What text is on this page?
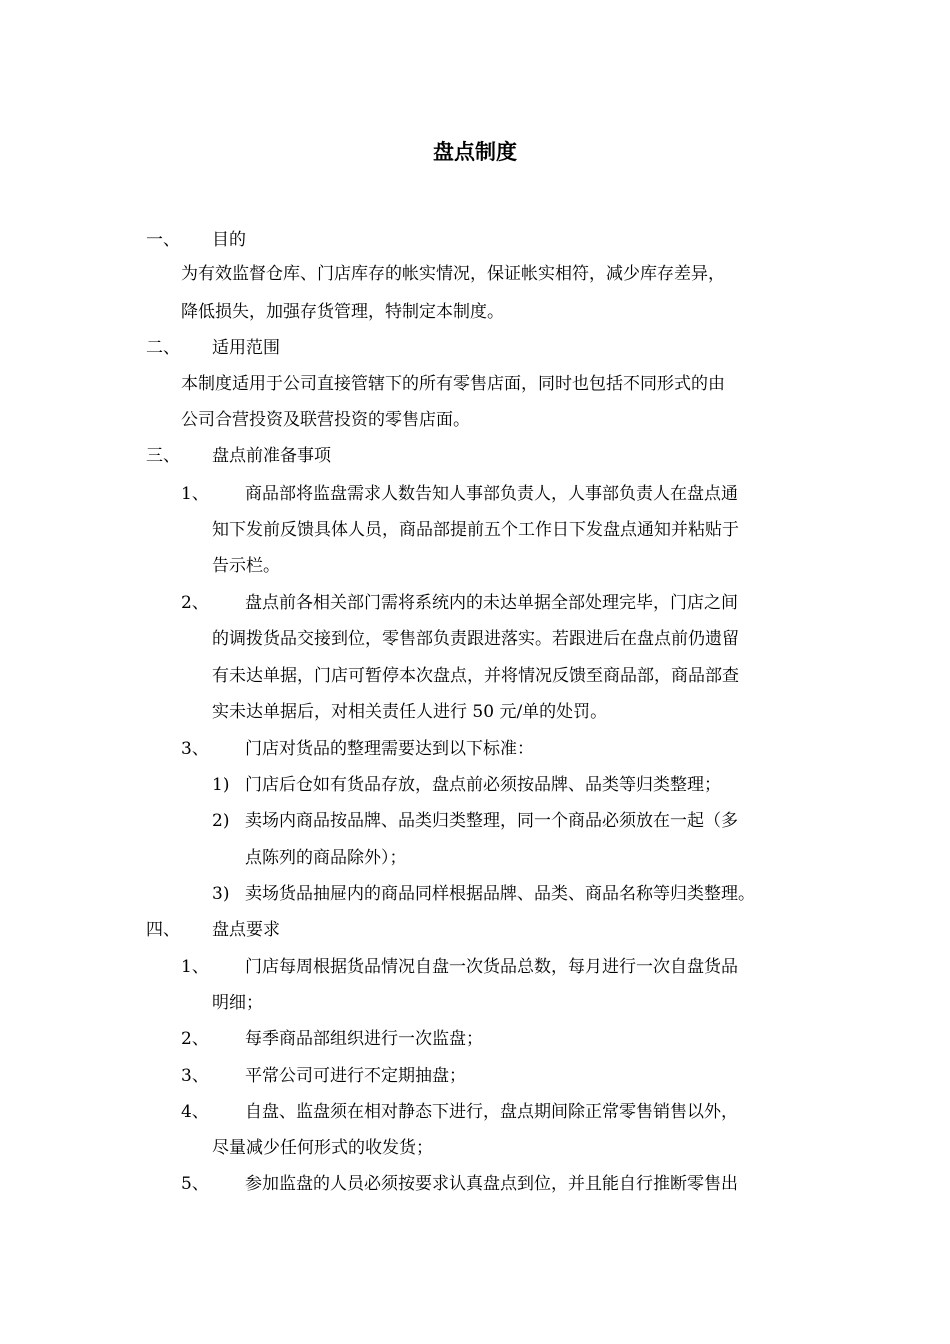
盘点制度
一、 目的
为有效监督仓库、门店库存的帐实情况，保证帐实相符，减少库存差异，
降低损失，加强存货管理，特制定本制度。
二、 适用范围
本制度适用于公司直接管辖下的所有零售店面，同时也包括不同形式的由
公司合营投资及联营投资的零售店面。
三、 盘点前准备事项
1、 商品部将监盘需求人数告知人事部负责人，人事部负责人在盘点通
知下发前反馈具体人员，商品部提前五个工作日下发盘点通知并粘贴于
告示栏。
2、 盘点前各相关部门需将系统内的未达单据全部处理完毕，门店之间
的调拨货品交接到位，零售部负责跟进落实。若跟进后在盘点前仍遗留
有未达单据，门店可暂停本次盘点，并将情况反馈至商品部，商品部查
实未达单据后，对相关责任人进行 50 元/单的处罚。
3、 门店对货品的整理需要达到以下标准：
1) 门店后仓如有货品存放，盘点前必须按品牌、品类等归类整理；
2) 卖场内商品按品牌、品类归类整理，同一个商品必须放在一起（多
点陈列的商品除外）；
3) 卖场货品抽屉内的商品同样根据品牌、品类、商品名称等归类整理。
四、 盘点要求
1、 门店每周根据货品情况自盘一次货品总数，每月进行一次自盘货品
明细；
2、 每季商品部组织进行一次监盘；
3、 平常公司可进行不定期抽盘；
4、 自盘、监盘须在相对静态下进行，盘点期间除正常零售销售以外，
尽量减少任何形式的收发货；
5、 参加监盘的人员必须按要求认真盘点到位，并且能自行推断零售出
